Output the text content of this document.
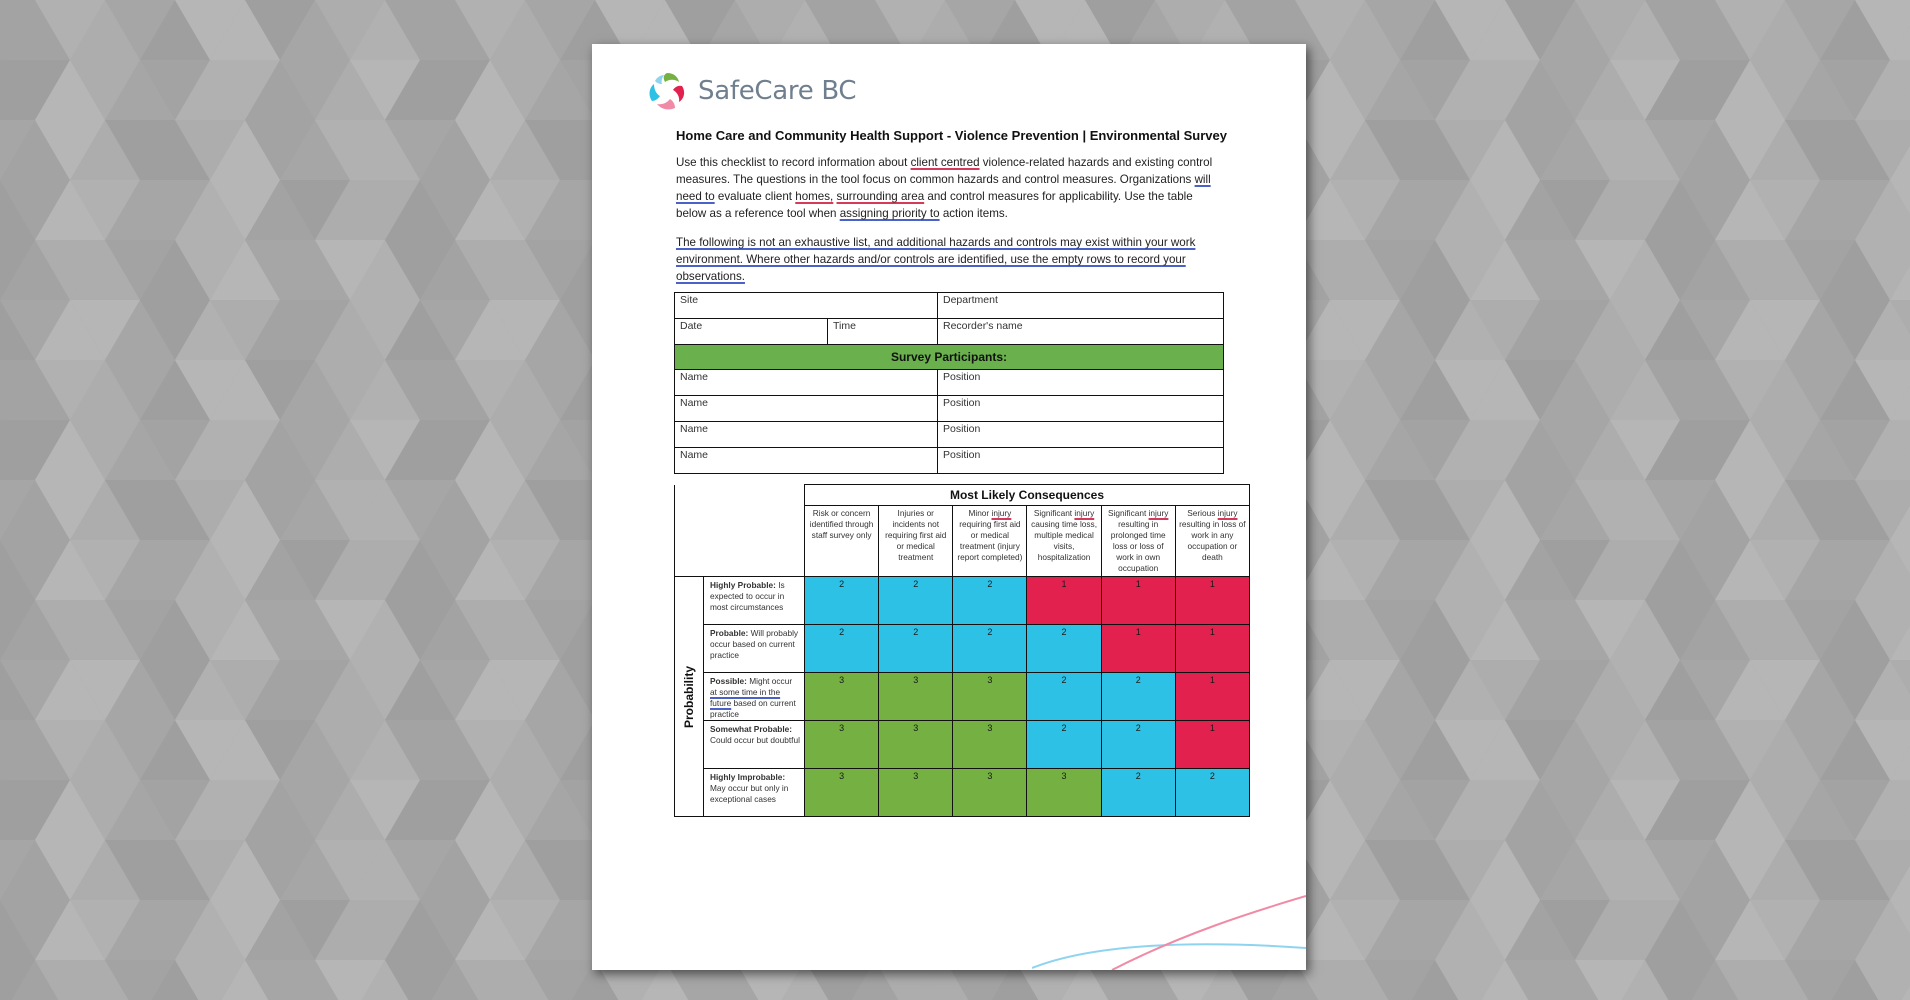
SafeCare BC
Home Care and Community Health Support - Violence Prevention | Environmental Survey

Use this checklist to record information about client centred violence-related hazards and existing control measures. The questions in the tool focus on common hazards and control measures. Organizations will need to evaluate client homes, surrounding area and control measures for applicability. Use the table below as a reference tool when assigning priority to action items.

The following is not an exhaustive list, and additional hazards and controls may exist within your work environment. Where other hazards and/or controls are identified, use the empty rows to record your observations.

Site		Department
Date	Time	Recorder's name
Survey Participants:		
Name		Position
Name		Position
Name		Position
Name		Position
		Most Likely Consequences					
		Risk or concern identified through staff survey only	Injuries or incidents not requiring first aid or medical treatment	Minor injury requiring first aid or medical treatment (injury report completed)	Significant injury causing time loss, multiple medical visits, hospitalization	Significant injury resulting in prolonged time loss or loss of work in own occupation	Serious injury resulting in loss of work in any occupation or death

Probability	Highly Probable: Is expected to occur in most circumstances	2	2	2	1	1	1
	Probable: Will probably occur based on current practice	2	2	2	2	1	1
	Possible: Might occur at some time in the future based on current practice	3	3	3	2	2	1
	Somewhat Probable: Could occur but doubtful	3	3	3	2	2	1
	Highly Improbable: May occur but only in exceptional cases	3	3	3	3	2	2
